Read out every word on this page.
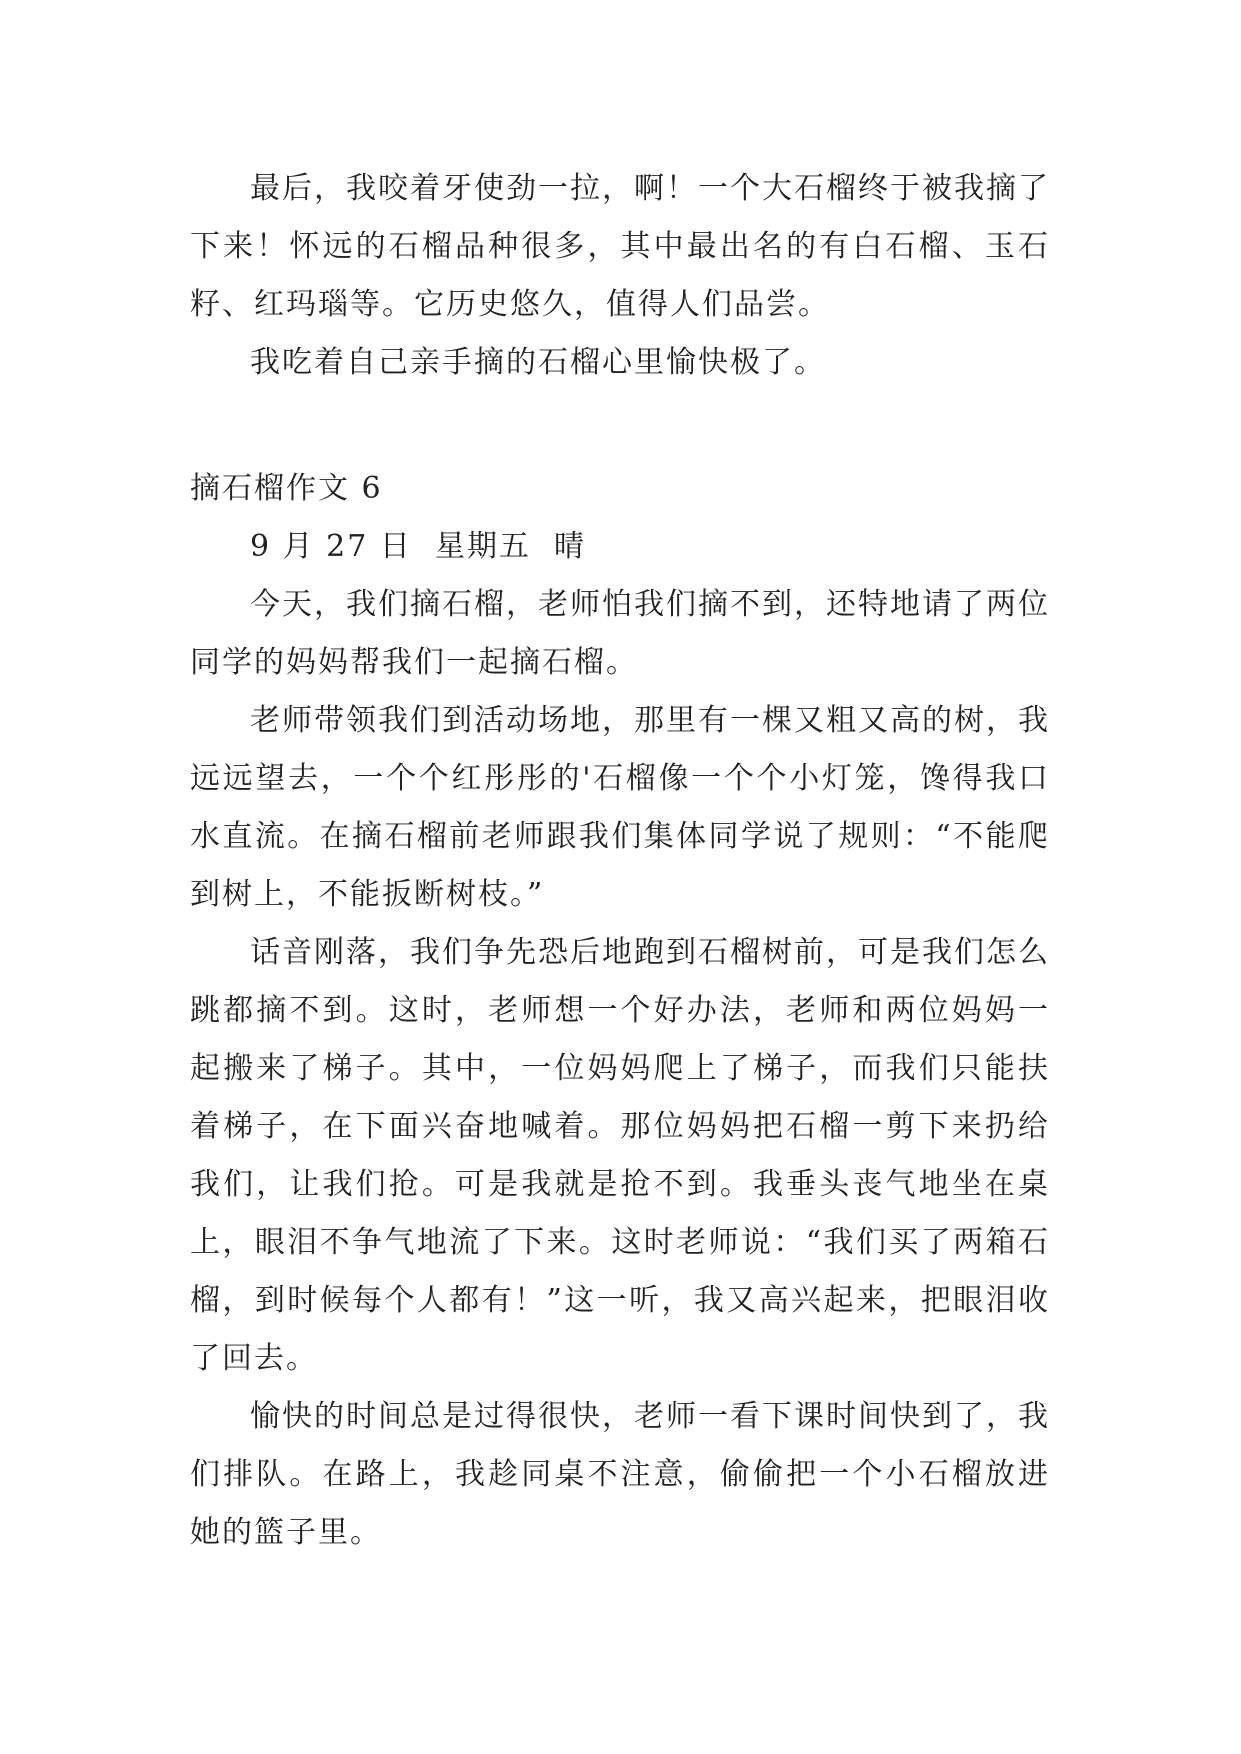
最后，我咬着牙使劲一拉，啊！一个大石榴终于被我摘了下来！怀远的石榴品种很多，其中最出名的有白石榴、玉石籽、红玛瑙等。它历史悠久，值得人们品尝。

我吃着自己亲手摘的石榴心里愉快极了。

摘石榴作文 6

9 月 27 日  星期五  晴

今天，我们摘石榴，老师怕我们摘不到，还特地请了两位同学的妈妈帮我们一起摘石榴。

老师带领我们到活动场地，那里有一棵又粗又高的树，我远远望去，一个个红彤彤的'石榴像一个个小灯笼，馋得我口水直流。在摘石榴前老师跟我们集体同学说了规则：“不能爬到树上，不能扳断树枝。”

话音刚落，我们争先恐后地跑到石榴树前，可是我们怎么跳都摘不到。这时，老师想一个好办法，老师和两位妈妈一起搬来了梯子。其中，一位妈妈爬上了梯子，而我们只能扶着梯子，在下面兴奋地喊着。那位妈妈把石榴一剪下来扔给我们，让我们抢。可是我就是抢不到。我垂头丧气地坐在桌上，眼泪不争气地流了下来。这时老师说：“我们买了两箱石榴，到时候每个人都有！”这一听，我又高兴起来，把眼泪收了回去。

愉快的时间总是过得很快，老师一看下课时间快到了，我们排队。在路上，我趁同桌不注意，偷偷把一个小石榴放进她的篮子里。
